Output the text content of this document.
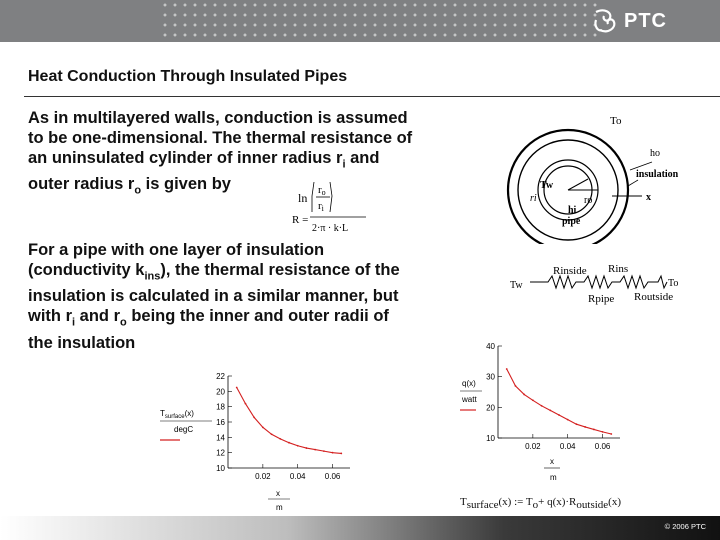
PTC
Heat Conduction Through Insulated Pipes
As in multilayered walls, conduction is assumed
to be one-dimensional. The thermal resistance of
an uninsulated cylinder of inner radius $r_i$ and
outer radius $r_o$ is given by
ln
ro
ri
R =
2·π · k·L
For a pipe with one layer of insulation
(conductivity $k_{ins}$), the thermal resistance of the
insulation is calculated in a similar manner, but
with $r_i$ and $r_o$ being the inner and outer radii of
the insulation
To
ho
insulation
x
Tw
ri	ro
hi
pipe
Rinside Rins
Tw	To
Rpipe Routside
$T_{surface}(x)$
degC
x
m
10
12
14
16
18
20
22
0.02 0.04 0.06
q(x)
watt
x
m
10
20
30
40
0.02 0.04 0.06
$T_{surface}(x)$ := $T_o+ q(x)\cdot R_{outside}(x)$
© 2006 PTC
